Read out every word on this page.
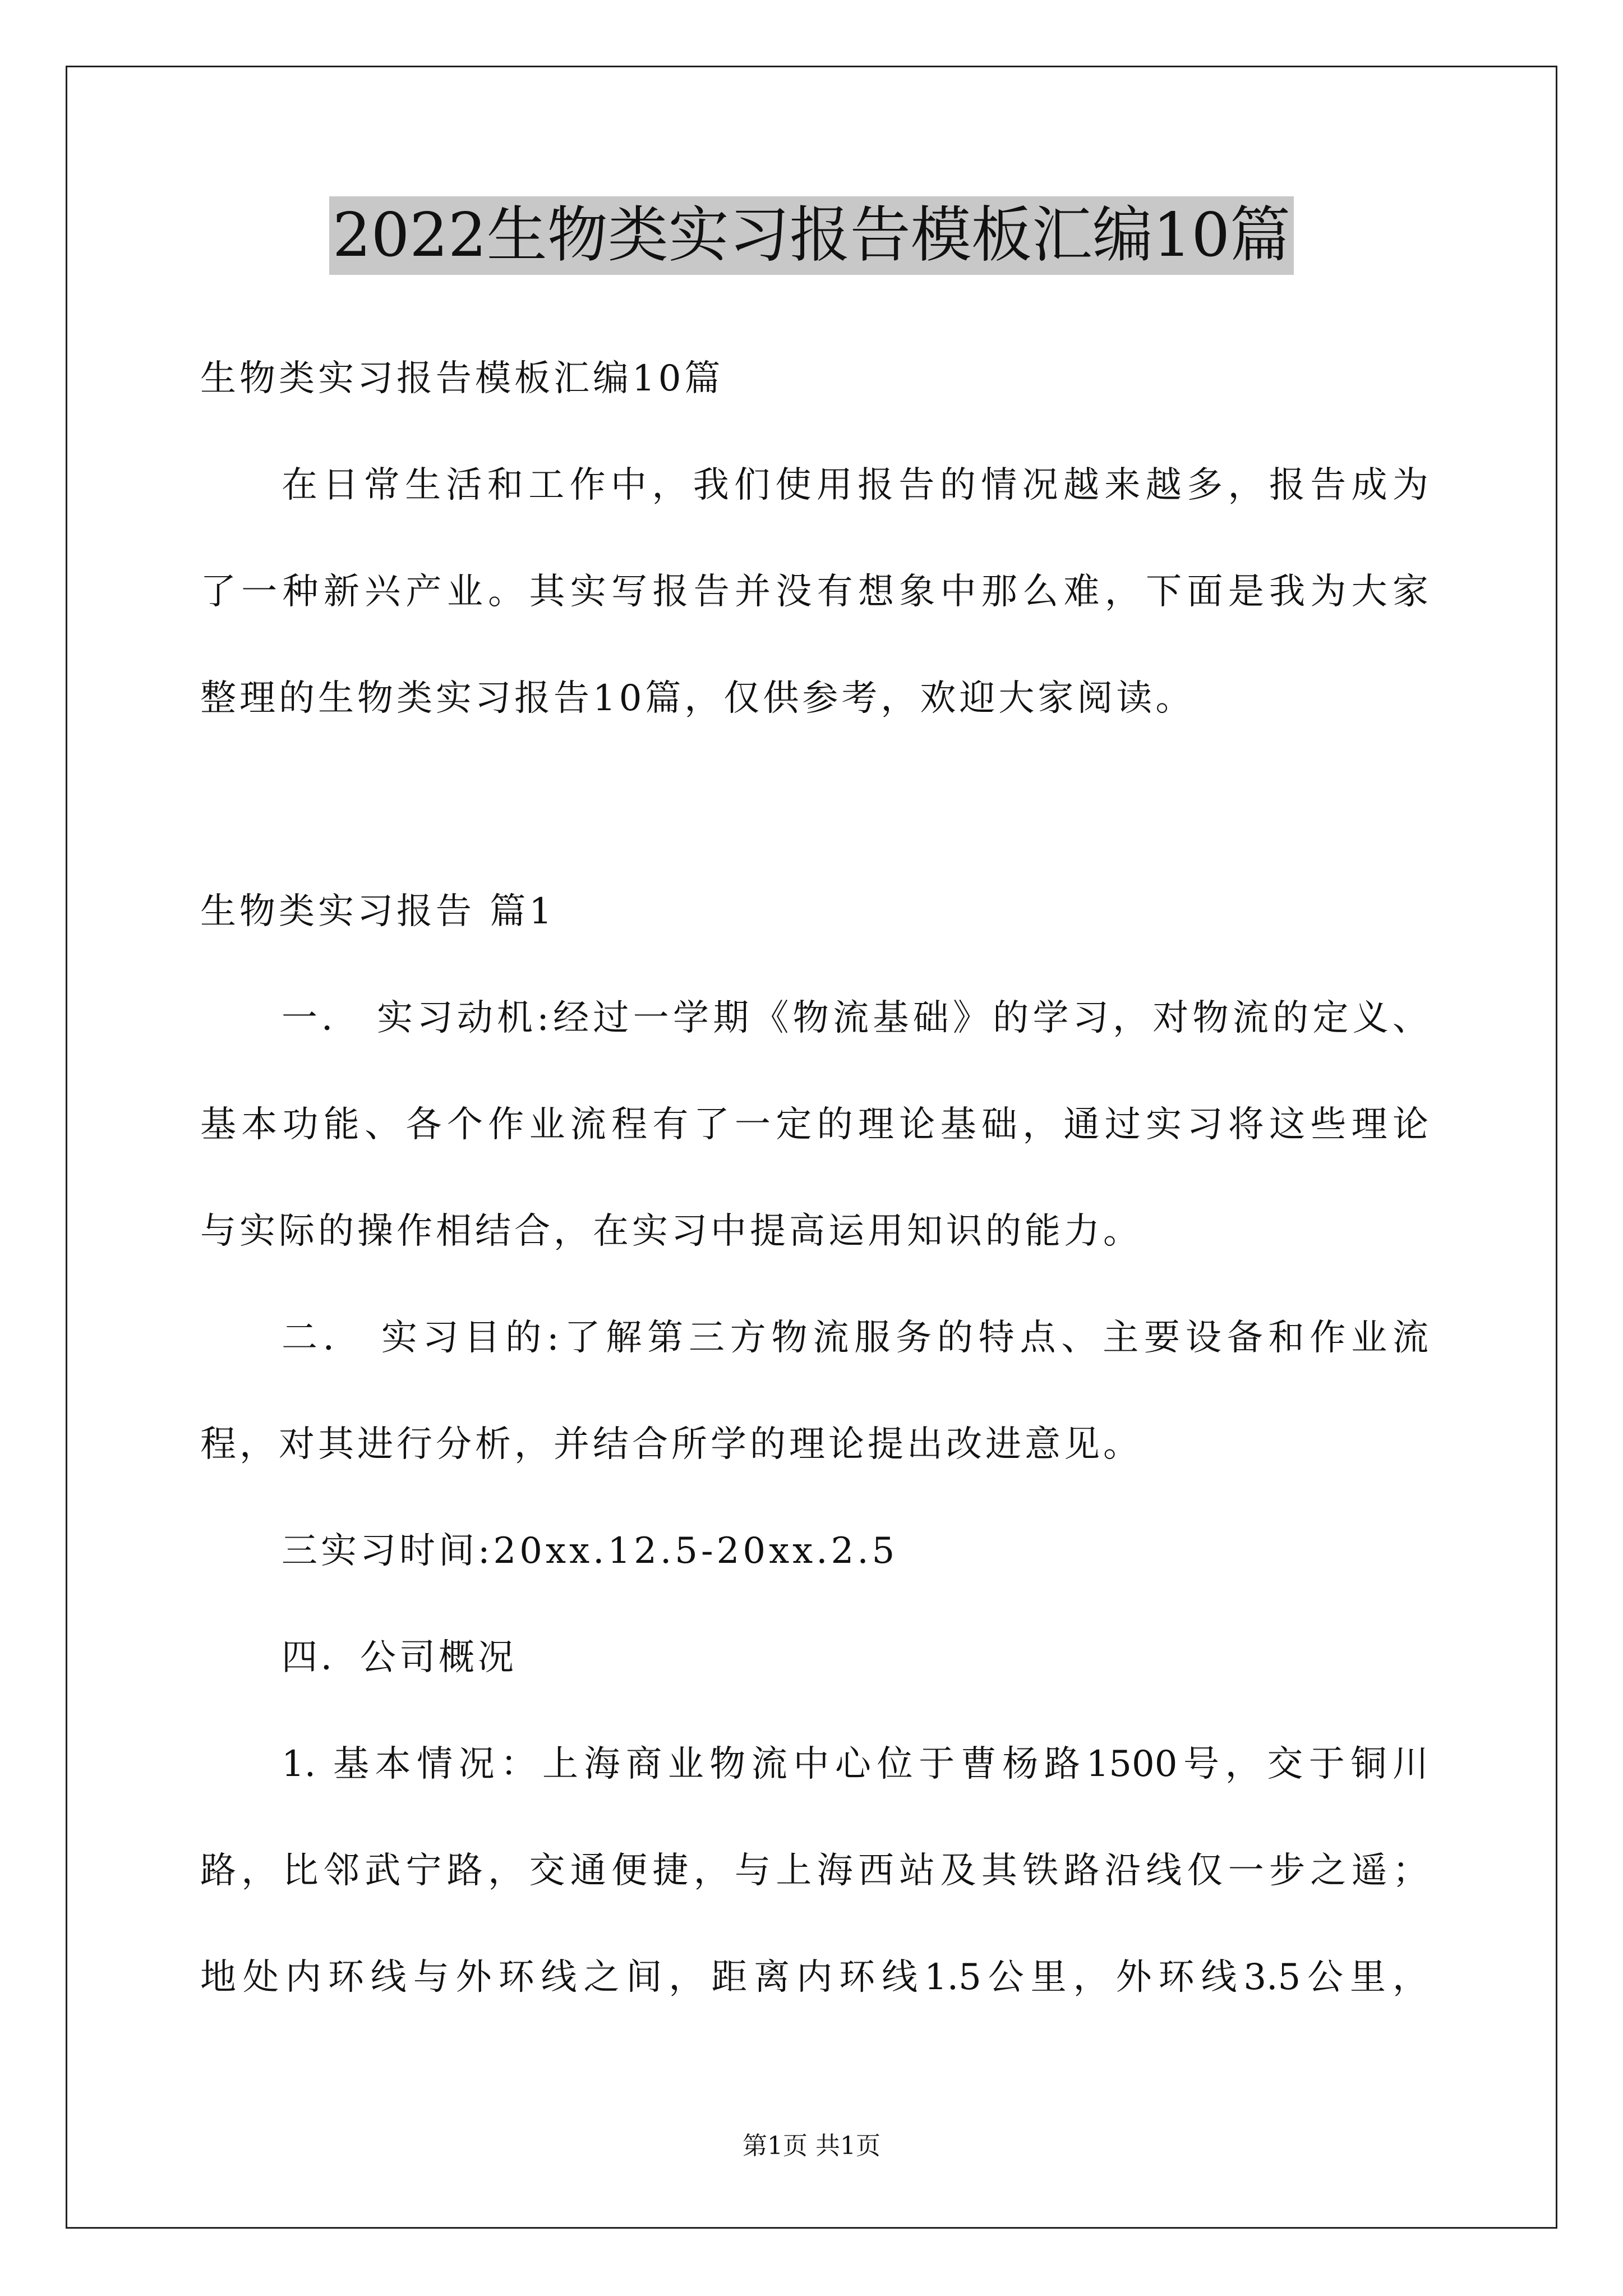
2022生物类实习报告模板汇编10篇
生物类实习报告模板汇编10篇
在日常生活和工作中，我们使用报告的情况越来越多，报告成为
了一种新兴产业。其实写报告并没有想象中那么难，下面是我为大家
整理的生物类实习报告10篇，仅供参考，欢迎大家阅读。
生物类实习报告 篇1
一． 实习动机:经过一学期《物流基础》的学习，对物流的定义、
基本功能、各个作业流程有了一定的理论基础，通过实习将这些理论
与实际的操作相结合，在实习中提高运用知识的能力。
二． 实习目的:了解第三方物流服务的特点、主要设备和作业流
程，对其进行分析，并结合所学的理论提出改进意见。
三实习时间:20xx.12.5-20xx.2.5
四．公司概况
1. 基本情况：上海商业物流中心位于曹杨路1500号，交于铜川
路，比邻武宁路，交通便捷，与上海西站及其铁路沿线仅一步之遥；
地处内环线与外环线之间，距离内环线1.5公里，外环线3.5公里，
第1页 共1页
